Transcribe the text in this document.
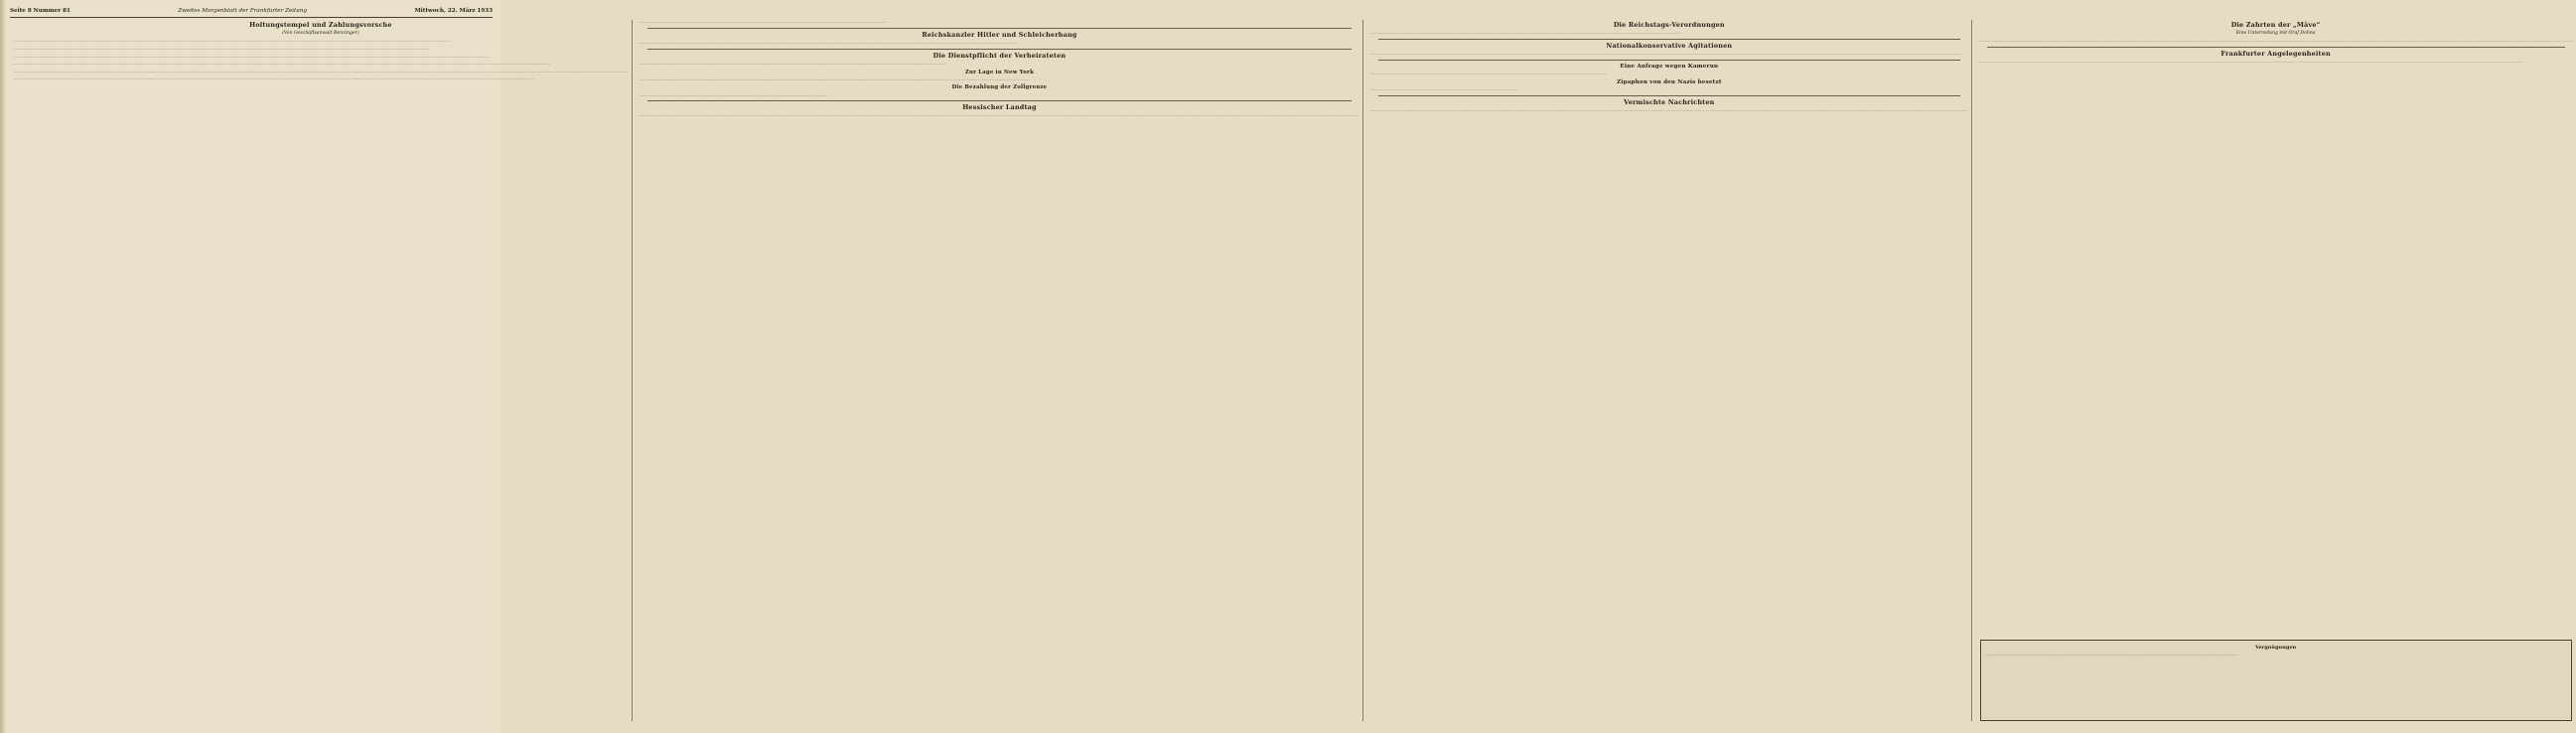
Seite 8 Nummer 81	Zweites Morgenblatt der Frankfurter Zeitung	Mittwoch, 22. März 1933
Holtungstempel und Zahlungsvorsche
(Von Geschäftsanwalt Benzinger)
.........................................................................................................................................................................................................................................................................................................................................................................................................................
.....................................................................................................................................................................................................................................................................................................................................................................................................
.............................................................................................................................................................................................................................................................................................................................................................................................................................................................
......................................................................................................................................................................................................................................................................................................................................................................................................................................................................................................................
...............................................................................................................................................................................................................................................................................................................................................................................................................................................................................................................................................................................................
.......................................................................................................................................................................................................................................................................................................................................................................................................................................................................................................
.......................................................................................................................................................................................................................................
Reichskanzler Hitler und Schleicherhang
..................................................................................................................................................................................................................................................................................................................................................................
Die Dienstpflicht der Verheirateten
..............................................................................................................................................................................................................................................................................................
Zur Lage in New York
.............................................................................................................................................................................................................................................................................................................................................................................
Die Bezahlung der Zollgrenze
................................................................................................................................................................................
Hessischer Landtag
.................................................................................................................................................................................................................................................................................................................................................................................................................................................................................................................................................................................................................................................................................................
Die Reichstags-Verordnungen
..................................................................................................................................................................................................................................................................................................
Nationalkonservative Agitationen
..........................................................................................................................................................................................................................................................................................................................................................................................................................................................................................................................................................................
Eine Anfrage wegen Kamerun
.............................................................................................................................................................................................................................
Zipaphon von den Nazis besetzt
.........................................................................................................................................
Vermischte Nachrichten
..............................................................................................................................................................................................................................................................................................................................................................................................................................................................................................................................................................................
Die Zahrten der „Mäve“
Eine Unterredung mit Oraf Dohna
...........................................................................................................................................................................................................................................................................................................................................................................................................................................................................................................................................................................
Frankfurter Angelegenheiten
............................................................................................................................................................................................................................................................................................................................................................................................................................................................................................................................
Vergnügungen
...........................................................................................................................................................................................................................................................
